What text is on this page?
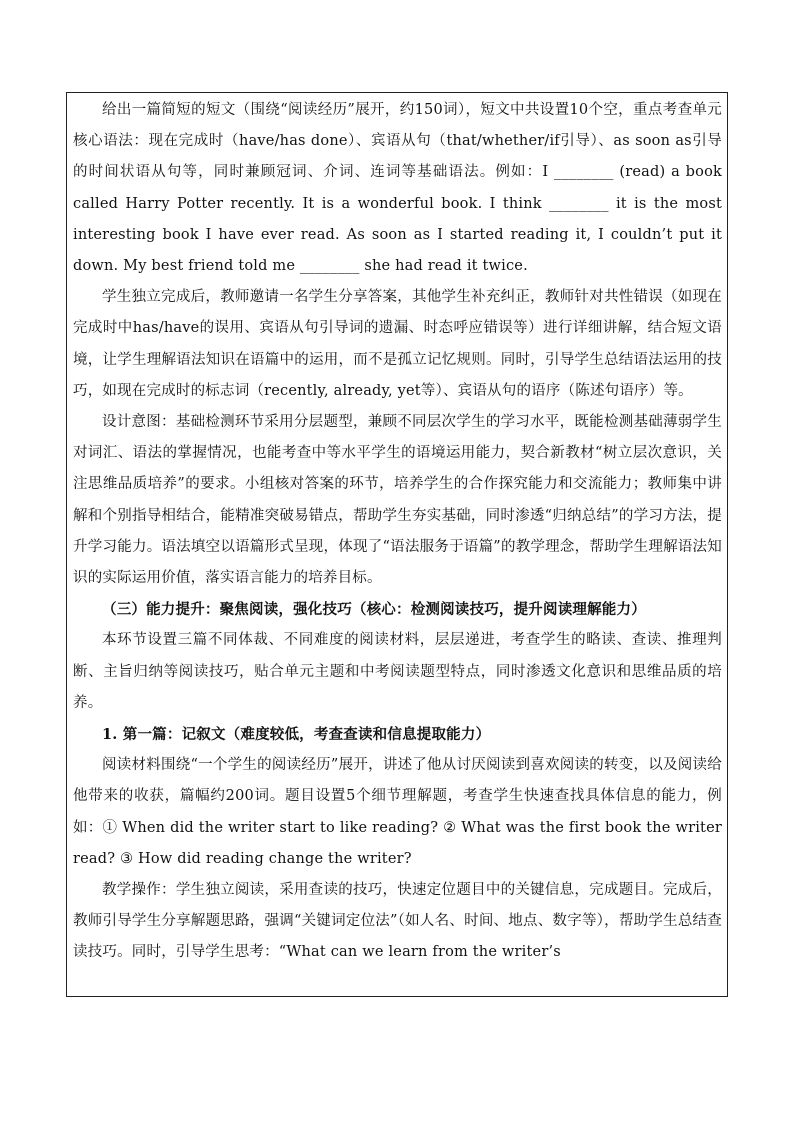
给出一篇简短的短文（围绕“阅读经历”展开，约150词），短文中共设置10个空，重点考查单元核心语法：现在完成时（have/has done）、宾语从句（that/whether/if引导）、as soon as引导的时间状语从句等，同时兼顾冠词、介词、连词等基础语法。例如：I ________ (read) a book called Harry Potter recently. It is a wonderful book. I think ________ it is the most interesting book I have ever read. As soon as I started reading it, I couldn’t put it down. My best friend told me ________ she had read it twice.

学生独立完成后，教师邀请一名学生分享答案，其他学生补充纠正，教师针对共性错误（如现在完成时中has/have的误用、宾语从句引导词的遗漏、时态呼应错误等）进行详细讲解，结合短文语境，让学生理解语法知识在语篇中的运用，而不是孤立记忆规则。同时，引导学生总结语法运用的技巧，如现在完成时的标志词（recently, already, yet等）、宾语从句的语序（陈述句语序）等。

设计意图：基础检测环节采用分层题型，兼顾不同层次学生的学习水平，既能检测基础薄弱学生对词汇、语法的掌握情况，也能考查中等水平学生的语境运用能力，契合新教材“树立层次意识，关注思维品质培养”的要求。小组核对答案的环节，培养学生的合作探究能力和交流能力；教师集中讲解和个别指导相结合，能精准突破易错点，帮助学生夯实基础，同时渗透“归纳总结”的学习方法，提升学习能力。语法填空以语篇形式呈现，体现了“语法服务于语篇”的教学理念，帮助学生理解语法知识的实际运用价值，落实语言能力的培养目标。

（三）能力提升：聚焦阅读，强化技巧（核心：检测阅读技巧，提升阅读理解能力）

本环节设置三篇不同体裁、不同难度的阅读材料，层层递进，考查学生的略读、查读、推理判断、主旨归纳等阅读技巧，贴合单元主题和中考阅读题型特点，同时渗透文化意识和思维品质的培养。

1. 第一篇：记叙文（难度较低，考查查读和信息提取能力）

阅读材料围绕“一个学生的阅读经历”展开，讲述了他从讨厌阅读到喜欢阅读的转变，以及阅读给他带来的收获，篇幅约200词。题目设置5个细节理解题，考查学生快速查找具体信息的能力，例如：① When did the writer start to like reading? ② What was the first book the writer read? ③ How did reading change the writer?

教学操作：学生独立阅读，采用查读的技巧，快速定位题目中的关键信息，完成题目。完成后，教师引导学生分享解题思路，强调“关键词定位法”（如人名、时间、地点、数字等），帮助学生总结查读技巧。同时，引导学生思考：“What can we learn from the writer’s
